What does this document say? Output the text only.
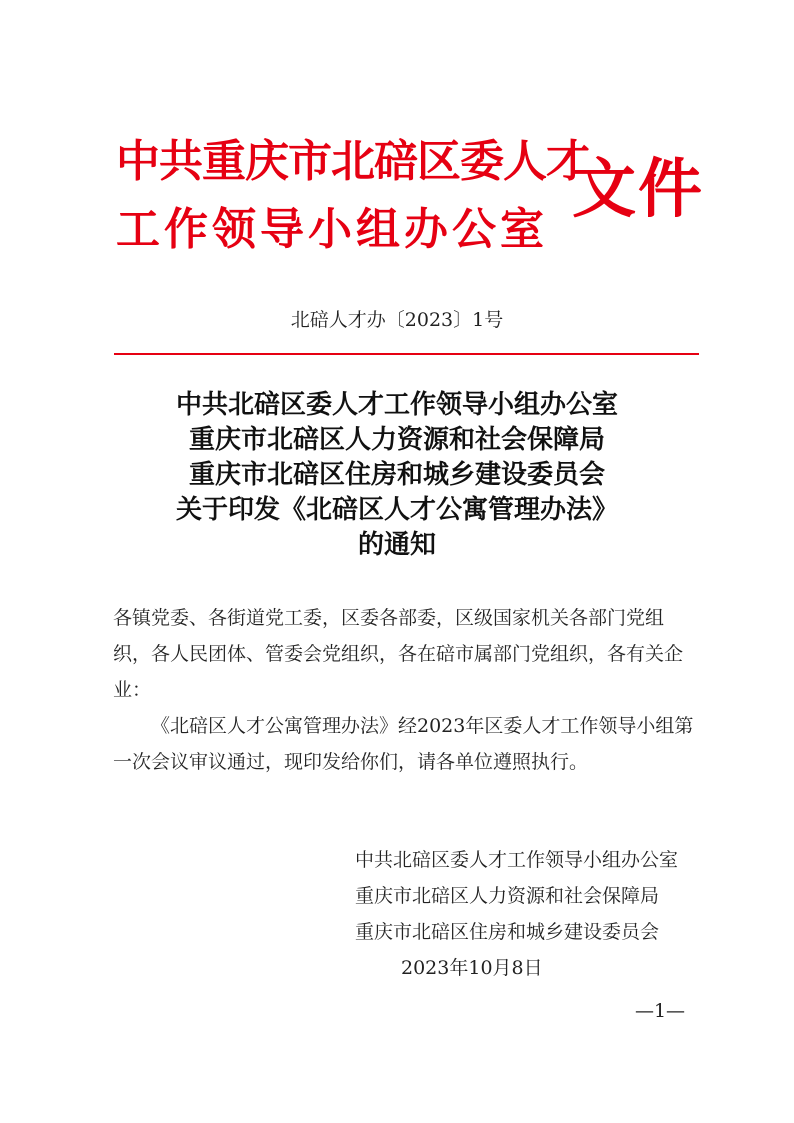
中共重庆市北碚区委人才
工作领导小组办公室
文件
北碚人才办〔2023〕1号
中共北碚区委人才工作领导小组办公室
重庆市北碚区人力资源和社会保障局
重庆市北碚区住房和城乡建设委员会
关于印发《北碚区人才公寓管理办法》
的通知

各镇党委、各街道党工委，区委各部委，区级国家机关各部门党组织，各人民团体、管委会党组织，各在碚市属部门党组织，各有关企业：

《北碚区人才公寓管理办法》经2023年区委人才工作领导小组第一次会议审议通过，现印发给你们，请各单位遵照执行。

中共北碚区委人才工作领导小组办公室
重庆市北碚区人力资源和社会保障局
重庆市北碚区住房和城乡建设委员会
2023年10月8日
—1—
